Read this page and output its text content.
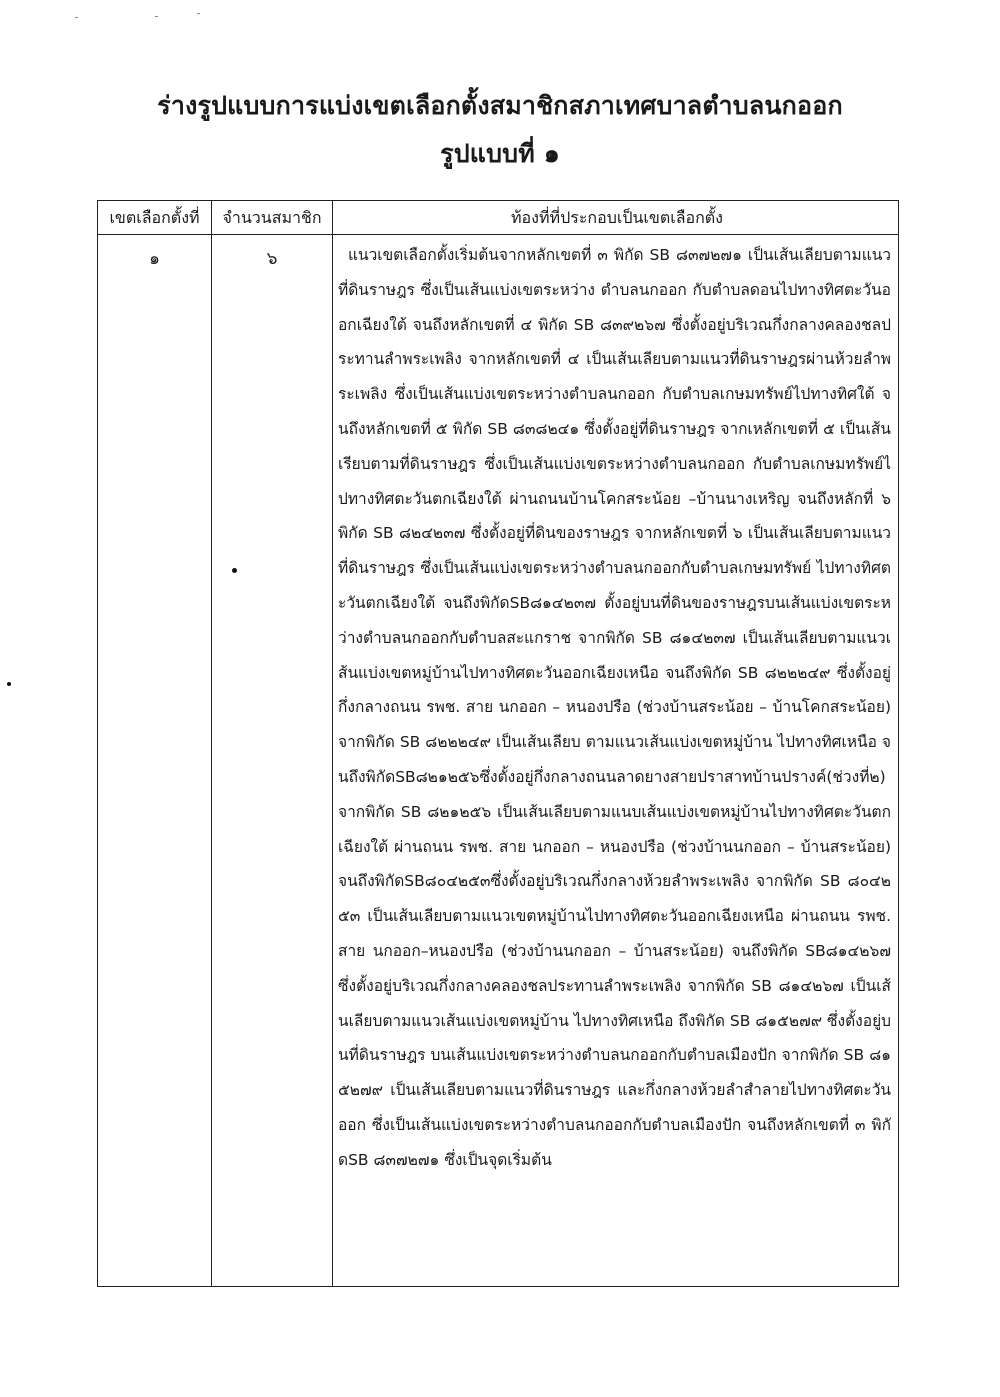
ร่างรูปแบบการแบ่งเขตเลือกตั้งสมาชิกสภาเทศบาลตำบลนกออก
รูปแบบที่ ๑
เขตเลือกตั้งที่	จำนวนสมาชิก	ท้องที่ที่ประกอบเป็นเขตเลือกตั้ง
๑	๖	แนวเขตเลือกตั้งเริ่มต้นจากหลักเขตที่ ๓ พิกัด SB ๘๓๗๒๗๑ เป็นเส้นเลียบตามแนวที่ดินราษฎร ซึ่งเป็นเส้นแบ่งเขตระหว่าง ตำบลนกออก กับตำบลดอนไปทางทิศตะวันออกเฉียงใต้ จนถึงหลักเขตที่ ๔ พิกัด SB ๘๓๙๒๖๗ ซึ่งตั้งอยู่บริเวณกึ่งกลางคลองชลประทานลำพระเพลิง จากหลักเขตที่ ๔ เป็นเส้นเลียบตามแนวที่ดินราษฎรผ่านห้วยลำพระเพลิง ซึ่งเป็นเส้นแบ่งเขตระหว่างตำบลนกออก กับตำบลเกษมทรัพย์ไปทางทิศใต้ จนถึงหลักเขตที่ ๕ พิกัด SB ๘๓๘๒๔๑ ซึ่งตั้งอยู่ที่ดินราษฎร จากเหลักเขตที่ ๕ เป็นเส้นเรียบตามที่ดินราษฎร ซึ่งเป็นเส้นแบ่งเขตระหว่างตำบลนกออก กับตำบลเกษมทรัพย์ไปทางทิศตะวันตกเฉียงใต้ ผ่านถนนบ้านโคกสระน้อย –บ้านนางเหริญ จนถึงหลักที่ ๖ พิกัด SB ๘๒๔๒๓๗ ซึ่งตั้งอยู่ที่ดินของราษฎร จากหลักเขตที่ ๖ เป็นเส้นเลียบตามแนวที่ดินราษฎร ซึ่งเป็นเส้นแบ่งเขตระหว่างตำบลนกออกกับตำบลเกษมทรัพย์ ไปทางทิศตะวันตกเฉียงใต้ จนถึงพิกัดSB๘๑๔๒๓๗ ตั้งอยู่บนที่ดินของราษฎรบนเส้นแบ่งเขตระหว่างตำบลนกออกกับตำบลสะแกราช จากพิกัด SB ๘๑๔๒๓๗ เป็นเส้นเลียบตามแนวเส้นแบ่งเขตหมู่บ้านไปทางทิศตะวันออกเฉียงเหนือ จนถึงพิกัด SB ๘๒๒๒๔๙ ซึ่งตั้งอยู่กึ่งกลางถนน รพช. สาย นกออก – หนองปรือ (ช่วงบ้านสระน้อย – บ้านโคกสระน้อย) จากพิกัด SB ๘๒๒๒๔๙ เป็นเส้นเลียบ ตามแนวเส้นแบ่งเขตหมู่บ้าน ไปทางทิศเหนือ จนถึงพิกัดSB๘๒๑๒๕๖ซึ่งตั้งอยู่กึ่งกลางถนนลาดยางสายปราสาทบ้านปรางค์(ช่วงที่๒) จากพิกัด SB ๘๒๑๒๕๖ เป็นเส้นเลียบตามแนบเส้นแบ่งเขตหมู่บ้านไปทางทิศตะวันตกเฉียงใต้ ผ่านถนน รพช. สาย นกออก – หนองปรือ (ช่วงบ้านนกออก – บ้านสระน้อย) จนถึงพิกัดSB๘๐๔๒๕๓ซึ่งตั้งอยู่บริเวณกึ่งกลางห้วยลำพระเพลิง จากพิกัด SB ๘๐๔๒๕๓ เป็นเส้นเลียบตามแนวเขตหมู่บ้านไปทางทิศตะวันออกเฉียงเหนือ ผ่านถนน รพช. สาย นกออก–หนองปรือ (ช่วงบ้านนกออก – บ้านสระน้อย) จนถึงพิกัด SB๘๑๔๒๖๗ ซึ่งตั้งอยู่บริเวณกึ่งกลางคลองชลประทานลำพระเพลิง จากพิกัด SB ๘๑๔๒๖๗ เป็นเส้นเลียบตามแนวเส้นแบ่งเขตหมู่บ้าน ไปทางทิศเหนือ ถึงพิกัด SB ๘๑๕๒๗๙ ซึ่งตั้งอยู่บนที่ดินราษฎร บนเส้นแบ่งเขตระหว่างตำบลนกออกกับตำบลเมืองปัก จากพิกัด SB ๘๑๕๒๗๙ เป็นเส้นเลียบตามแนวที่ดินราษฎร และกึ่งกลางห้วยลำสำลายไปทางทิศตะวันออก ซึ่งเป็นเส้นแบ่งเขตระหว่างตำบลนกออกกับตำบลเมืองปัก จนถึงหลักเขตที่ ๓ พิกัดSB ๘๓๗๒๗๑ ซึ่งเป็นจุดเริ่มต้น
